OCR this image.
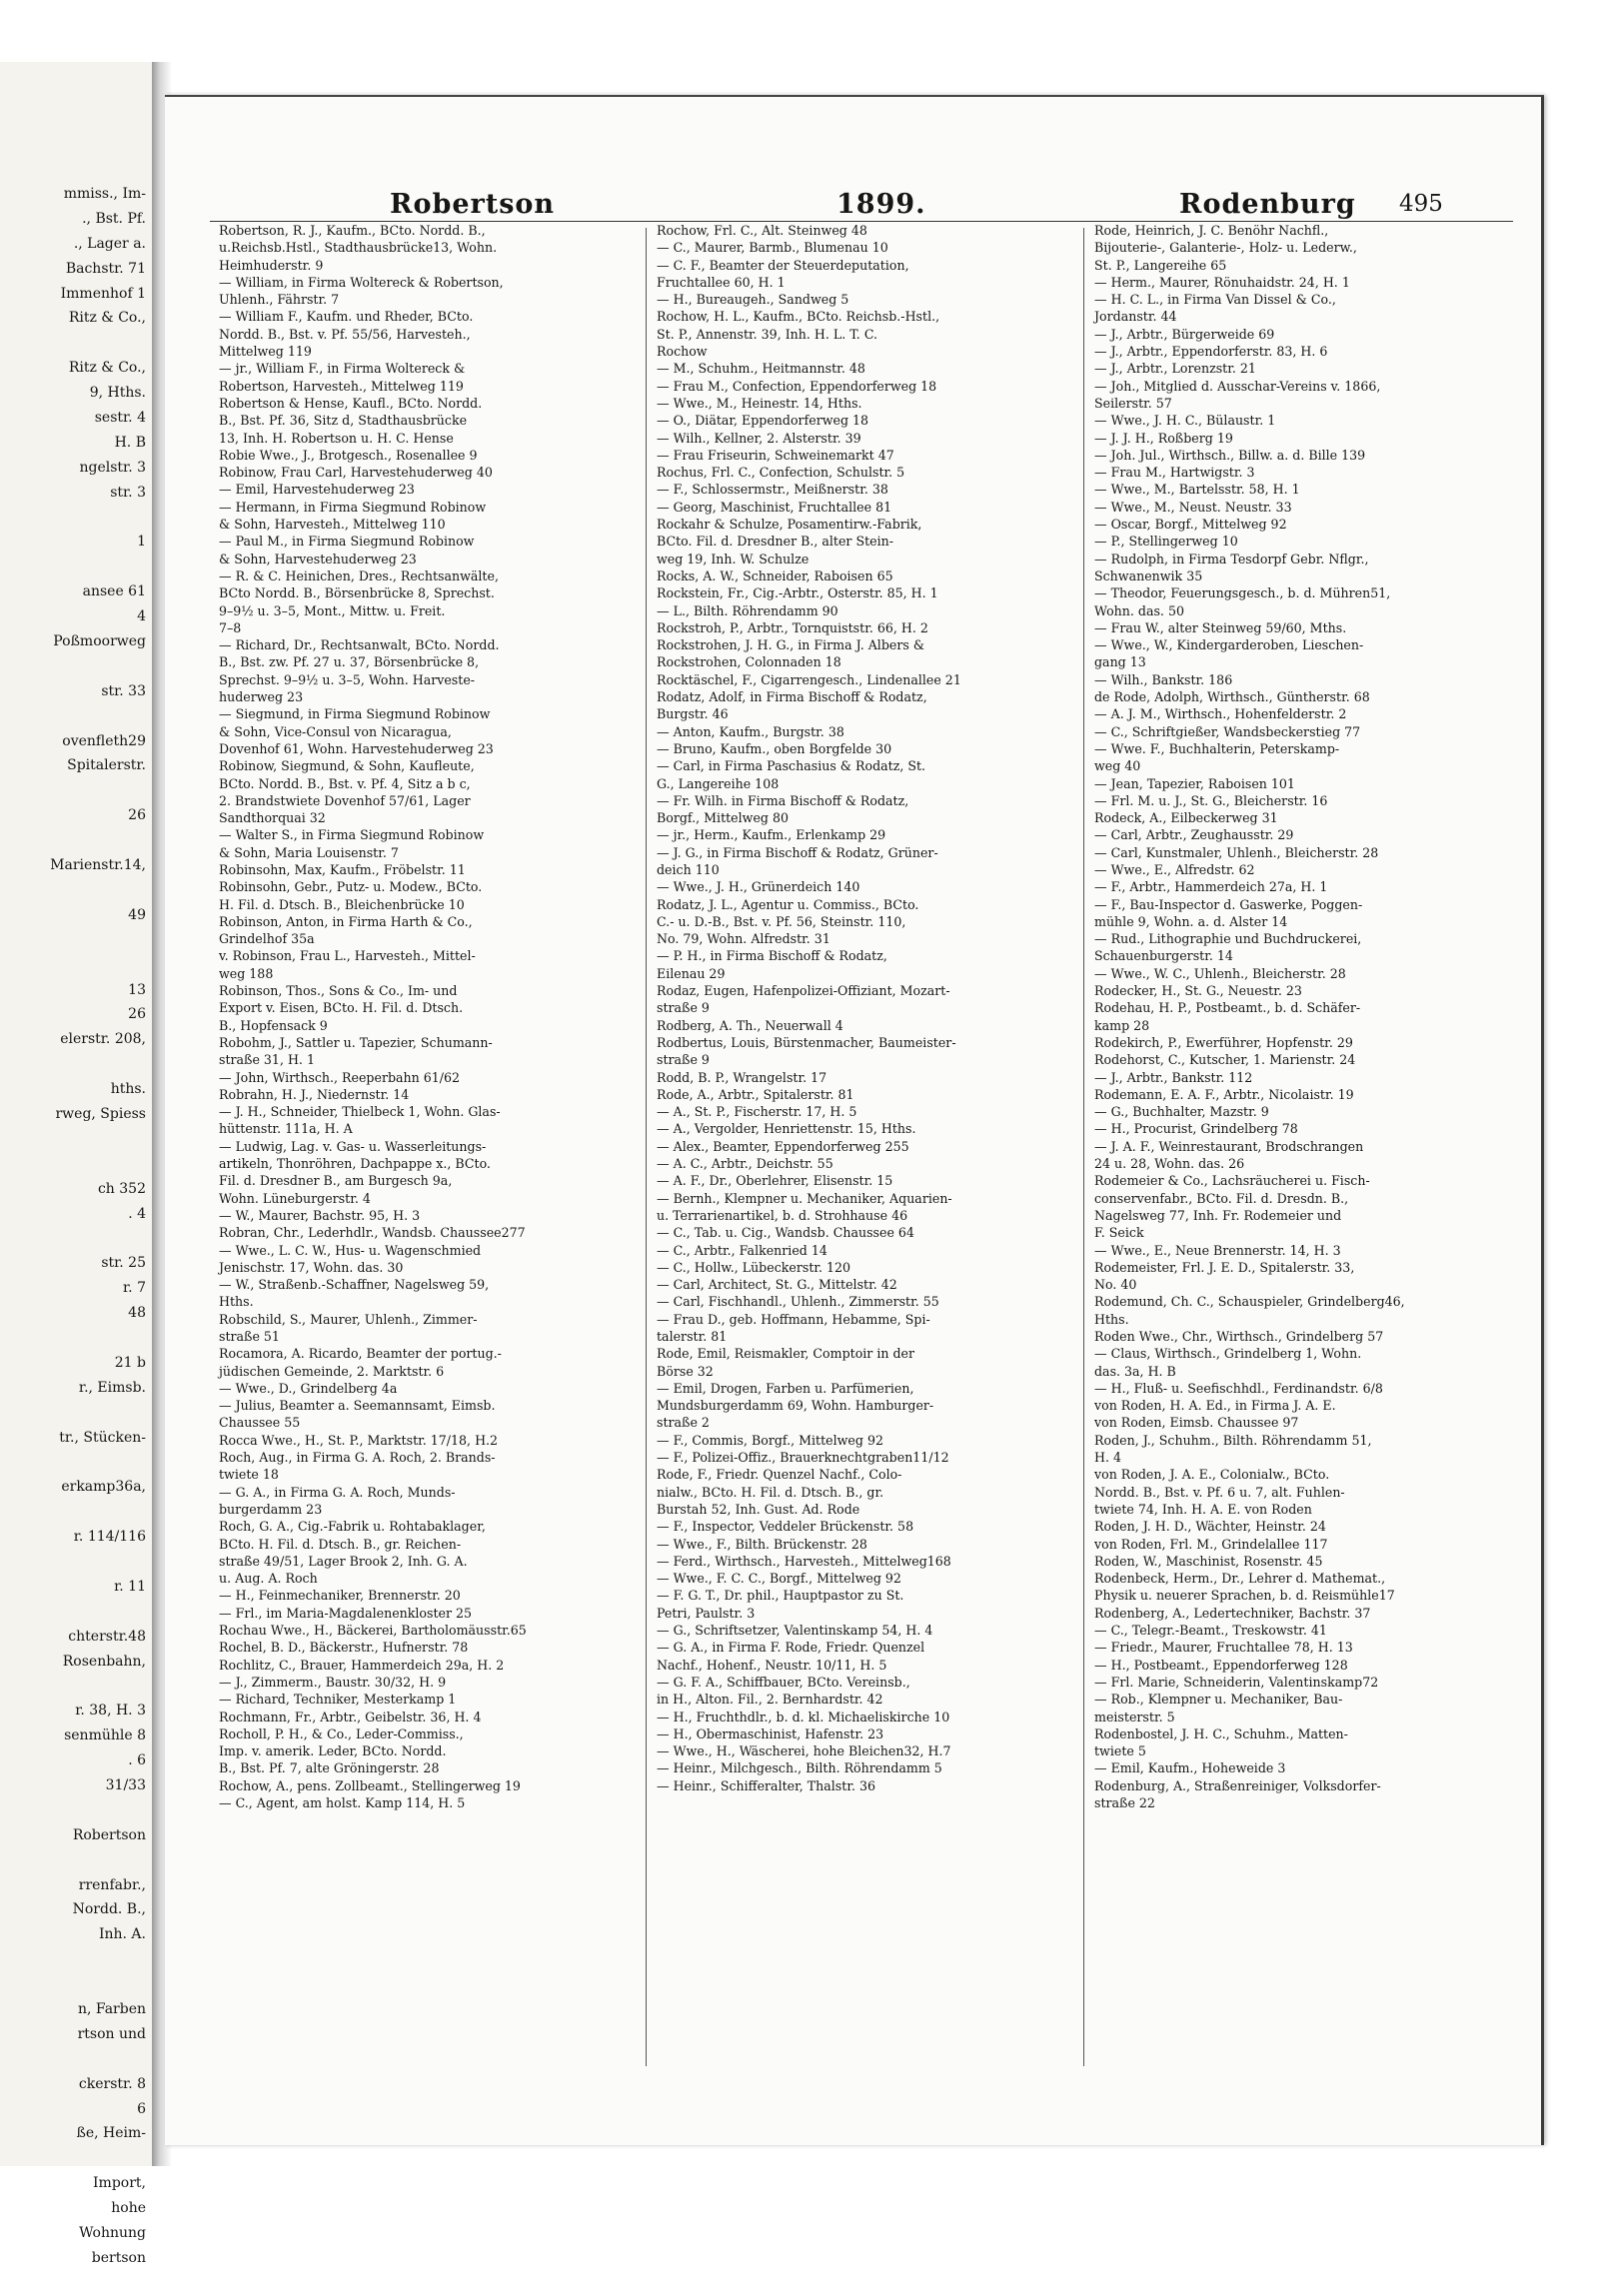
mmiss., Im-
., Bst. Pf.
., Lager a.
Bachstr. 71
Immenhof 1
Ritz & Co.,
Ritz & Co.,
9, Hths.
sestr. 4
H. B
ngelstr. 3
str. 3
1
ansee 61
4
Poßmoorweg
str. 33
ovenfleth29
Spitalerstr.
26
Marienstr.14,
49
13
26
elerstr. 208,
hths.
rweg, Spiess
ch 352
. 4
str. 25
r. 7
48
21 b
r., Eimsb.
tr., Stücken-
erkamp36a,
r. 114/116
r. 11
chterstr.48
Rosenbahn,
r. 38, H. 3
senmühle 8
. 6
31/33
Robertson
rrenfabr.,
Nordd. B.,
Inh. A.
n, Farben
rtson und
ckerstr. 8
6
ße, Heim-
Import,
hohe
Wohnung
bertson
Robertson	1899.	Rodenburg 495
Robertson, R. J., Kaufm., BCto. Nordd. B.,
u.Reichsb.Hstl., Stadthausbrücke13, Wohn.
Heimhuderstr. 9
— William, in Firma Woltereck & Robertson,
Uhlenh., Fährstr. 7
— William F., Kaufm. und Rheder, BCto.
Nordd. B., Bst. v. Pf. 55/56, Harvesteh.,
Mittelweg 119
— jr., William F., in Firma Woltereck &
Robertson, Harvesteh., Mittelweg 119
Robertson & Hense, Kaufl., BCto. Nordd.
B., Bst. Pf. 36, Sitz d, Stadthausbrücke
13, Inh. H. Robertson u. H. C. Hense
Robie Wwe., J., Brotgesch., Rosenallee 9
Robinow, Frau Carl, Harvestehuderweg 40
— Emil, Harvestehuderweg 23
— Hermann, in Firma Siegmund Robinow
& Sohn, Harvesteh., Mittelweg 110
— Paul M., in Firma Siegmund Robinow
& Sohn, Harvestehuderweg 23
— R. & C. Heinichen, Dres., Rechtsanwälte,
BCto Nordd. B., Börsenbrücke 8, Sprechst.
9–9½ u. 3–5, Mont., Mittw. u. Freit.
7–8
— Richard, Dr., Rechtsanwalt, BCto. Nordd.
B., Bst. zw. Pf. 27 u. 37, Börsenbrücke 8,
Sprechst. 9–9½ u. 3–5, Wohn. Harveste-
huderweg 23
— Siegmund, in Firma Siegmund Robinow
& Sohn, Vice-Consul von Nicaragua,
Dovenhof 61, Wohn. Harvestehuderweg 23
Robinow, Siegmund, & Sohn, Kaufleute,
BCto. Nordd. B., Bst. v. Pf. 4, Sitz a b c,
2. Brandstwiete Dovenhof 57/61, Lager
Sandthorquai 32
— Walter S., in Firma Siegmund Robinow
& Sohn, Maria Louisenstr. 7
Robinsohn, Max, Kaufm., Fröbelstr. 11
Robinsohn, Gebr., Putz- u. Modew., BCto.
H. Fil. d. Dtsch. B., Bleichenbrücke 10
Robinson, Anton, in Firma Harth & Co.,
Grindelhof 35a
v. Robinson, Frau L., Harvesteh., Mittel-
weg 188
Robinson, Thos., Sons & Co., Im- und
Export v. Eisen, BCto. H. Fil. d. Dtsch.
B., Hopfensack 9
Robohm, J., Sattler u. Tapezier, Schumann-
straße 31, H. 1
— John, Wirthsch., Reeperbahn 61/62
Robrahn, H. J., Niedernstr. 14
— J. H., Schneider, Thielbeck 1, Wohn. Glas-
hüttenstr. 111a, H. A
— Ludwig, Lag. v. Gas- u. Wasserleitungs-
artikeln, Thonröhren, Dachpappe x., BCto.
Fil. d. Dresdner B., am Burgesch 9a,
Wohn. Lüneburgerstr. 4
— W., Maurer, Bachstr. 95, H. 3
Robran, Chr., Lederhdlr., Wandsb. Chaussee277
— Wwe., L. C. W., Hus- u. Wagenschmied
Jenischstr. 17, Wohn. das. 30
— W., Straßenb.-Schaffner, Nagelsweg 59,
Hths.
Robschild, S., Maurer, Uhlenh., Zimmer-
straße 51
Rocamora, A. Ricardo, Beamter der portug.-
jüdischen Gemeinde, 2. Marktstr. 6
— Wwe., D., Grindelberg 4a
— Julius, Beamter a. Seemannsamt, Eimsb.
Chaussee 55
Rocca Wwe., H., St. P., Marktstr. 17/18, H.2
Roch, Aug., in Firma G. A. Roch, 2. Brands-
twiete 18
— G. A., in Firma G. A. Roch, Munds-
burgerdamm 23
Roch, G. A., Cig.-Fabrik u. Rohtabaklager,
BCto. H. Fil. d. Dtsch. B., gr. Reichen-
straße 49/51, Lager Brook 2, Inh. G. A.
u. Aug. A. Roch
— H., Feinmechaniker, Brennerstr. 20
— Frl., im Maria-Magdalenenkloster 25
Rochau Wwe., H., Bäckerei, Bartholomäusstr.65
Rochel, B. D., Bäckerstr., Hufnerstr. 78
Rochlitz, C., Brauer, Hammerdeich 29a, H. 2
— J., Zimmerm., Baustr. 30/32, H. 9
— Richard, Techniker, Mesterkamp 1
Rochmann, Fr., Arbtr., Geibelstr. 36, H. 4
Rocholl, P. H., & Co., Leder-Commiss.,
Imp. v. amerik. Leder, BCto. Nordd.
B., Bst. Pf. 7, alte Gröningerstr. 28
Rochow, A., pens. Zollbeamt., Stellingerweg 19
— C., Agent, am holst. Kamp 114, H. 5
Rochow, Frl. C., Alt. Steinweg 48
— C., Maurer, Barmb., Blumenau 10
— C. F., Beamter der Steuerdeputation,
Fruchtallee 60, H. 1
— H., Bureaugeh., Sandweg 5
Rochow, H. L., Kaufm., BCto. Reichsb.-Hstl.,
St. P., Annenstr. 39, Inh. H. L. T. C.
Rochow
— M., Schuhm., Heitmannstr. 48
— Frau M., Confection, Eppendorferweg 18
— Wwe., M., Heinestr. 14, Hths.
— O., Diätar, Eppendorferweg 18
— Wilh., Kellner, 2. Alsterstr. 39
— Frau Friseurin, Schweinemarkt 47
Rochus, Frl. C., Confection, Schulstr. 5
— F., Schlossermstr., Meißnerstr. 38
— Georg, Maschinist, Fruchtallee 81
Rockahr & Schulze, Posamentirw.-Fabrik,
BCto. Fil. d. Dresdner B., alter Stein-
weg 19, Inh. W. Schulze
Rocks, A. W., Schneider, Raboisen 65
Rockstein, Fr., Cig.-Arbtr., Osterstr. 85, H. 1
— L., Bilth. Röhrendamm 90
Rockstroh, P., Arbtr., Tornquiststr. 66, H. 2
Rockstrohen, J. H. G., in Firma J. Albers &
Rockstrohen, Colonnaden 18
Rocktäschel, F., Cigarrengesch., Lindenallee 21
Rodatz, Adolf, in Firma Bischoff & Rodatz,
Burgstr. 46
— Anton, Kaufm., Burgstr. 38
— Bruno, Kaufm., oben Borgfelde 30
— Carl, in Firma Paschasius & Rodatz, St.
G., Langereihe 108
— Fr. Wilh. in Firma Bischoff & Rodatz,
Borgf., Mittelweg 80
— jr., Herm., Kaufm., Erlenkamp 29
— J. G., in Firma Bischoff & Rodatz, Grüner-
deich 110
— Wwe., J. H., Grünerdeich 140
Rodatz, J. L., Agentur u. Commiss., BCto.
C.- u. D.-B., Bst. v. Pf. 56, Steinstr. 110,
No. 79, Wohn. Alfredstr. 31
— P. H., in Firma Bischoff & Rodatz,
Eilenau 29
Rodaz, Eugen, Hafenpolizei-Offiziant, Mozart-
straße 9
Rodberg, A. Th., Neuerwall 4
Rodbertus, Louis, Bürstenmacher, Baumeister-
straße 9
Rodd, B. P., Wrangelstr. 17
Rode, A., Arbtr., Spitalerstr. 81
— A., St. P., Fischerstr. 17, H. 5
— A., Vergolder, Henriettenstr. 15, Hths.
— Alex., Beamter, Eppendorferweg 255
— A. C., Arbtr., Deichstr. 55
— A. F., Dr., Oberlehrer, Elisenstr. 15
— Bernh., Klempner u. Mechaniker, Aquarien-
u. Terrarienartikel, b. d. Strohhause 46
— C., Tab. u. Cig., Wandsb. Chaussee 64
— C., Arbtr., Falkenried 14
— C., Hollw., Lübeckerstr. 120
— Carl, Architect, St. G., Mittelstr. 42
— Carl, Fischhandl., Uhlenh., Zimmerstr. 55
— Frau D., geb. Hoffmann, Hebamme, Spi-
talerstr. 81
Rode, Emil, Reismakler, Comptoir in der
Börse 32
— Emil, Drogen, Farben u. Parfümerien,
Mundsburgerdamm 69, Wohn. Hamburger-
straße 2
— F., Commis, Borgf., Mittelweg 92
— F., Polizei-Offiz., Brauerknechtgraben11/12
Rode, F., Friedr. Quenzel Nachf., Colo-
nialw., BCto. H. Fil. d. Dtsch. B., gr.
Burstah 52, Inh. Gust. Ad. Rode
— F., Inspector, Veddeler Brückenstr. 58
— Wwe., F., Bilth. Brückenstr. 28
— Ferd., Wirthsch., Harvesteh., Mittelweg168
— Wwe., F. C. C., Borgf., Mittelweg 92
— F. G. T., Dr. phil., Hauptpastor zu St.
Petri, Paulstr. 3
— G., Schriftsetzer, Valentinskamp 54, H. 4
— G. A., in Firma F. Rode, Friedr. Quenzel
Nachf., Hohenf., Neustr. 10/11, H. 5
— G. F. A., Schiffbauer, BCto. Vereinsb.,
in H., Alton. Fil., 2. Bernhardstr. 42
— H., Fruchthdlr., b. d. kl. Michaeliskirche 10
— H., Obermaschinist, Hafenstr. 23
— Wwe., H., Wäscherei, hohe Bleichen32, H.7
— Heinr., Milchgesch., Bilth. Röhrendamm 5
— Heinr., Schifferalter, Thalstr. 36
Rode, Heinrich, J. C. Benöhr Nachfl.,
Bijouterie-, Galanterie-, Holz- u. Lederw.,
St. P., Langereihe 65
— Herm., Maurer, Rönuhaidstr. 24, H. 1
— H. C. L., in Firma Van Dissel & Co.,
Jordanstr. 44
— J., Arbtr., Bürgerweide 69
— J., Arbtr., Eppendorferstr. 83, H. 6
— J., Arbtr., Lorenzstr. 21
— Joh., Mitglied d. Ausschar-Vereins v. 1866,
Seilerstr. 57
— Wwe., J. H. C., Bülaustr. 1
— J. J. H., Roßberg 19
— Joh. Jul., Wirthsch., Billw. a. d. Bille 139
— Frau M., Hartwigstr. 3
— Wwe., M., Bartelsstr. 58, H. 1
— Wwe., M., Neust. Neustr. 33
— Oscar, Borgf., Mittelweg 92
— P., Stellingerweg 10
— Rudolph, in Firma Tesdorpf Gebr. Nflgr.,
Schwanenwik 35
— Theodor, Feuerungsgesch., b. d. Mühren51,
Wohn. das. 50
— Frau W., alter Steinweg 59/60, Mths.
— Wwe., W., Kindergarderoben, Lieschen-
gang 13
— Wilh., Bankstr. 186
de Rode, Adolph, Wirthsch., Güntherstr. 68
— A. J. M., Wirthsch., Hohenfelderstr. 2
— C., Schriftgießer, Wandsbeckerstieg 77
— Wwe. F., Buchhalterin, Peterskamp-
weg 40
— Jean, Tapezier, Raboisen 101
— Frl. M. u. J., St. G., Bleicherstr. 16
Rodeck, A., Eilbeckerweg 31
— Carl, Arbtr., Zeughausstr. 29
— Carl, Kunstmaler, Uhlenh., Bleicherstr. 28
— Wwe., E., Alfredstr. 62
— F., Arbtr., Hammerdeich 27a, H. 1
— F., Bau-Inspector d. Gaswerke, Poggen-
mühle 9, Wohn. a. d. Alster 14
— Rud., Lithographie und Buchdruckerei,
Schauenburgerstr. 14
— Wwe., W. C., Uhlenh., Bleicherstr. 28
Rodecker, H., St. G., Neuestr. 23
Rodehau, H. P., Postbeamt., b. d. Schäfer-
kamp 28
Rodekirch, P., Ewerführer, Hopfenstr. 29
Rodehorst, C., Kutscher, 1. Marienstr. 24
— J., Arbtr., Bankstr. 112
Rodemann, E. A. F., Arbtr., Nicolaistr. 19
— G., Buchhalter, Mazstr. 9
— H., Procurist, Grindelberg 78
— J. A. F., Weinrestaurant, Brodschrangen
24 u. 28, Wohn. das. 26
Rodemeier & Co., Lachsräucherei u. Fisch-
conservenfabr., BCto. Fil. d. Dresdn. B.,
Nagelsweg 77, Inh. Fr. Rodemeier und
F. Seick
— Wwe., E., Neue Brennerstr. 14, H. 3
Rodemeister, Frl. J. E. D., Spitalerstr. 33,
No. 40
Rodemund, Ch. C., Schauspieler, Grindelberg46,
Hths.
Roden Wwe., Chr., Wirthsch., Grindelberg 57
— Claus, Wirthsch., Grindelberg 1, Wohn.
das. 3a, H. B
— H., Fluß- u. Seefischhdl., Ferdinandstr. 6/8
von Roden, H. A. Ed., in Firma J. A. E.
von Roden, Eimsb. Chaussee 97
Roden, J., Schuhm., Bilth. Röhrendamm 51,
H. 4
von Roden, J. A. E., Colonialw., BCto.
Nordd. B., Bst. v. Pf. 6 u. 7, alt. Fuhlen-
twiete 74, Inh. H. A. E. von Roden
Roden, J. H. D., Wächter, Heinstr. 24
von Roden, Frl. M., Grindelallee 117
Roden, W., Maschinist, Rosenstr. 45
Rodenbeck, Herm., Dr., Lehrer d. Mathemat.,
Physik u. neuerer Sprachen, b. d. Reismühle17
Rodenberg, A., Ledertechniker, Bachstr. 37
— C., Telegr.-Beamt., Treskowstr. 41
— Friedr., Maurer, Fruchtallee 78, H. 13
— H., Postbeamt., Eppendorferweg 128
— Frl. Marie, Schneiderin, Valentinskamp72
— Rob., Klempner u. Mechaniker, Bau-
meisterstr. 5
Rodenbostel, J. H. C., Schuhm., Matten-
twiete 5
— Emil, Kaufm., Hoheweide 3
Rodenburg, A., Straßenreiniger, Volksdorfer-
straße 22
